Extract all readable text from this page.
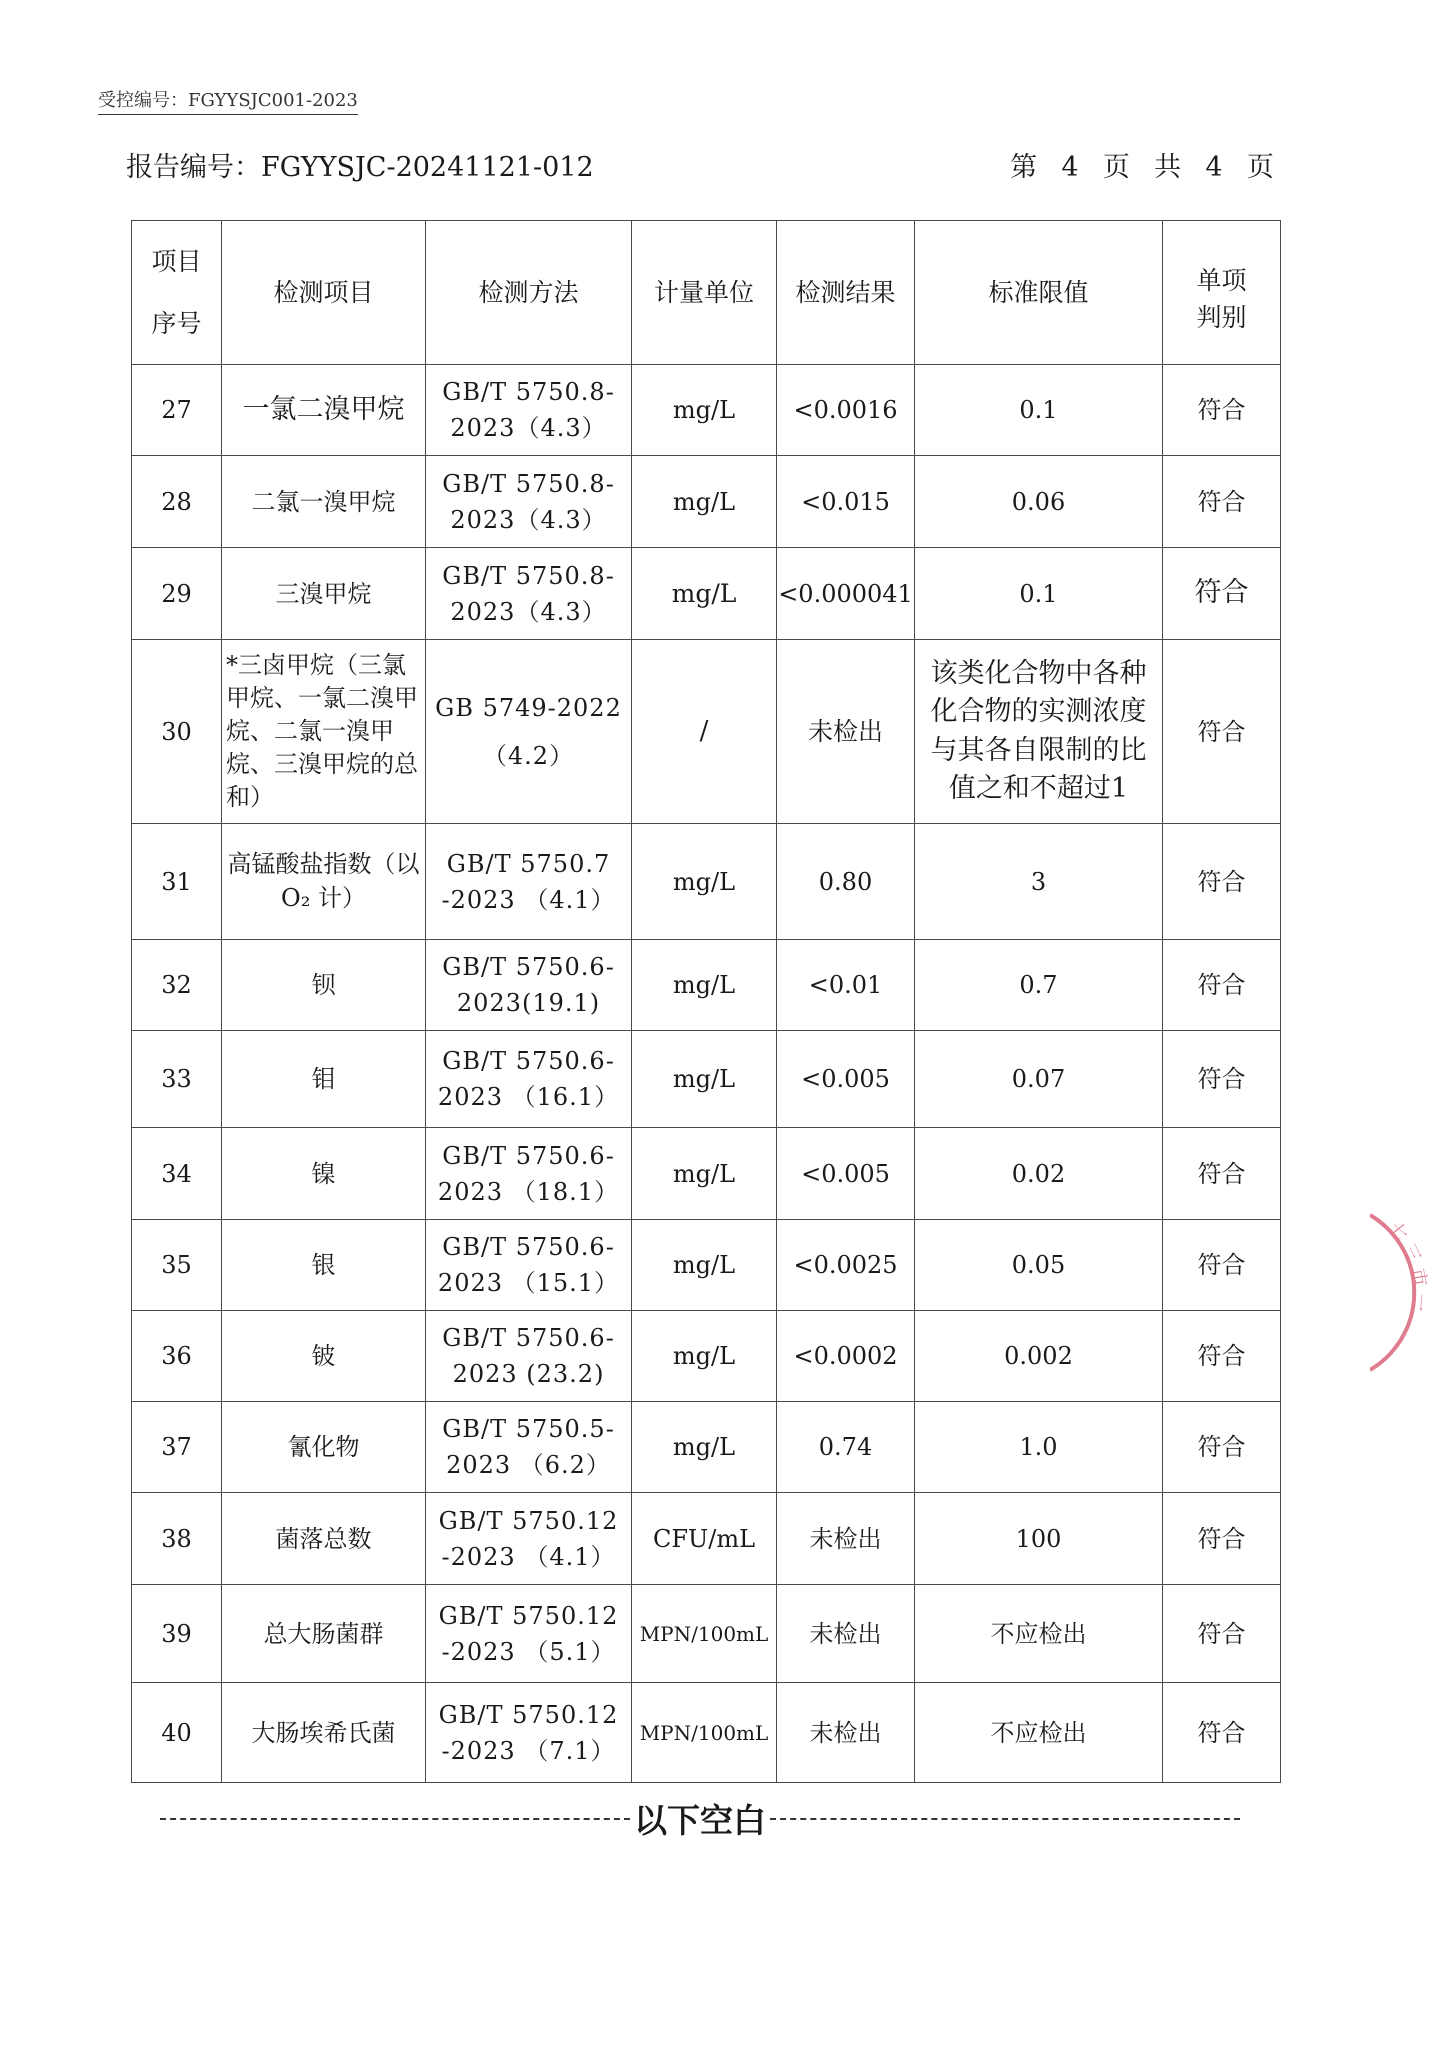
受控编号：FGYYSJC001-2023
报告编号：FGYYSJC-20241121-012	第 4 页 共 4 页
项目
序号	检测项目	检测方法	计量单位	检测结果	标准限值	单项
判别

27	一氯二溴甲烷	GB/T 5750.8-
2023（4.3）	mg/L	<0.0016	0.1	符合
28	二氯一溴甲烷	GB/T 5750.8-
2023（4.3）	mg/L	<0.015	0.06	符合
29	三溴甲烷	GB/T 5750.8-
2023（4.3）	mg/L	<0.000041	0.1	符合
30	*三卤甲烷（三氯甲烷、一氯二溴甲烷、二氯一溴甲烷、三溴甲烷的总和）	GB 5749-2022
（4.2）	/	未检出	该类化合物中各种化合物的实测浓度与其各自限制的比值之和不超过1	符合
31	高锰酸盐指数（以O₂ 计）	GB/T 5750.7
-2023 （4.1）	mg/L	0.80	3	符合
32	钡	GB/T 5750.6-
2023(19.1)	mg/L	<0.01	0.7	符合
33	钼	GB/T 5750.6-
2023 （16.1）	mg/L	<0.005	0.07	符合
34	镍	GB/T 5750.6-
2023 （18.1）	mg/L	<0.005	0.02	符合
35	银	GB/T 5750.6-
2023 （15.1）	mg/L	<0.0025	0.05	符合
36	铍	GB/T 5750.6-
2023 (23.2)	mg/L	<0.0002	0.002	符合
37	氰化物	GB/T 5750.5-
2023 （6.2）	mg/L	0.74	1.0	符合
38	菌落总数	GB/T 5750.12
-2023 （4.1）	CFU/mL	未检出	100	符合
39	总大肠菌群	GB/T 5750.12
-2023 （5.1）	MPN/100mL	未检出	不应检出	符合
40	大肠埃希氏菌	GB/T 5750.12
-2023 （7.1）	MPN/100mL	未检出	不应检出	符合
以下空白
七 三 市 一
